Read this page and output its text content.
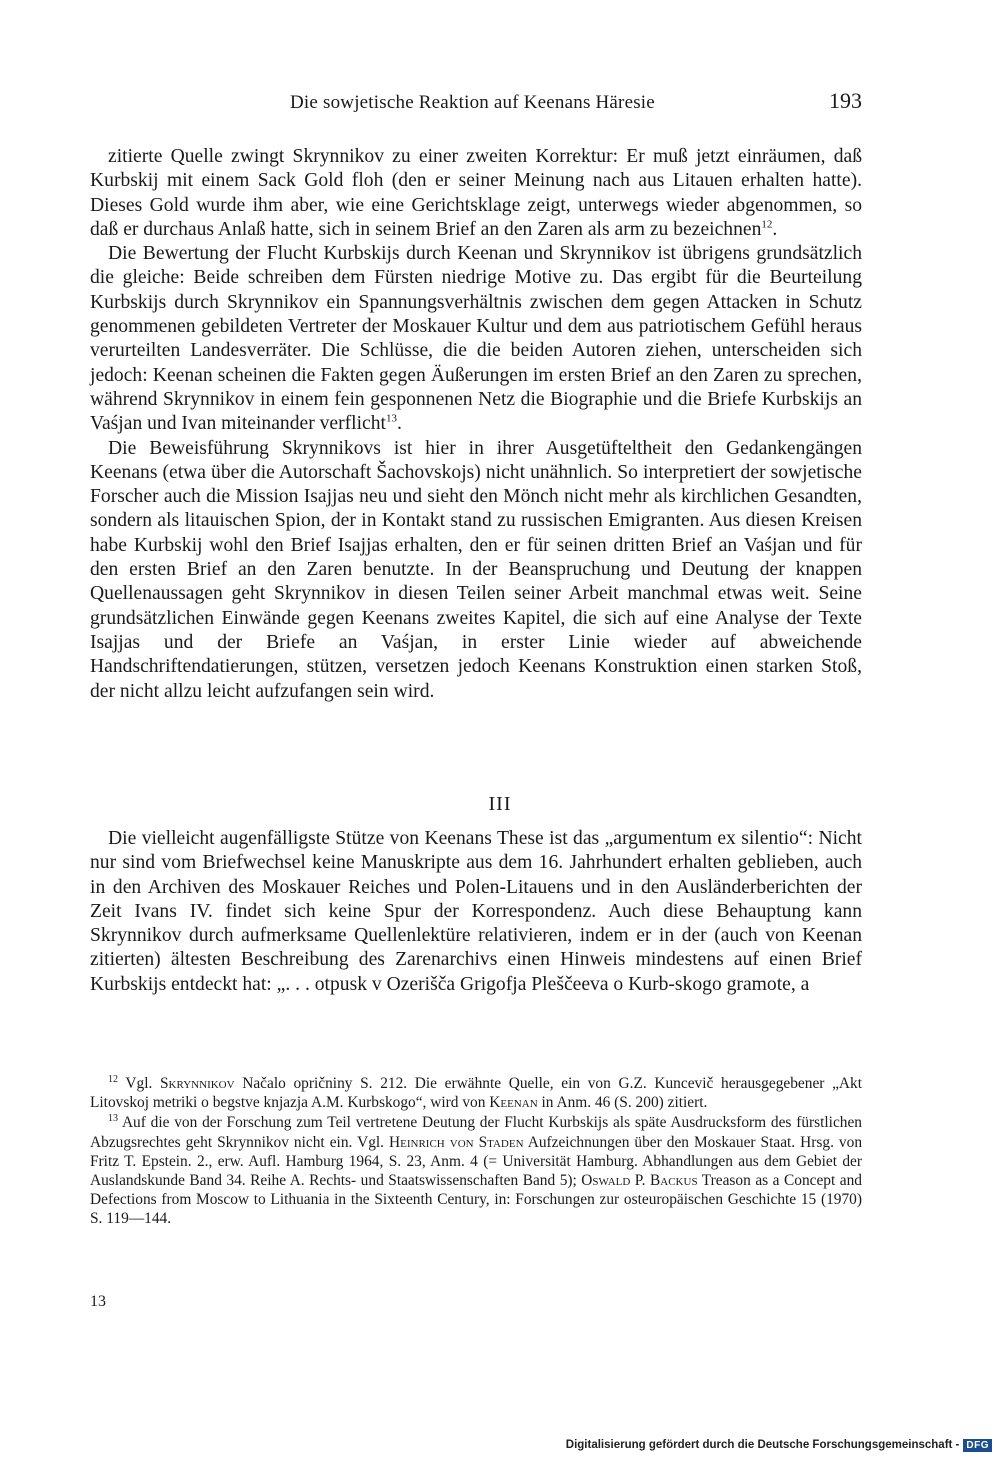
Die sowjetische Reaktion auf Keenans Häresie	193

zitierte Quelle zwingt Skrynnikov zu einer zweiten Korrektur: Er muß jetzt einräumen, daß Kurbskij mit einem Sack Gold floh (den er seiner Meinung nach aus Litauen erhalten hatte). Dieses Gold wurde ihm aber, wie eine Gerichtsklage zeigt, unterwegs wieder abgenommen, so daß er durchaus Anlaß hatte, sich in seinem Brief an den Zaren als arm zu bezeichnen$^{12}$.

Die Bewertung der Flucht Kurbskijs durch Keenan und Skrynnikov ist übrigens grundsätzlich die gleiche: Beide schreiben dem Fürsten niedrige Motive zu. Das ergibt für die Beurteilung Kurbskijs durch Skrynnikov ein Spannungsverhältnis zwischen dem gegen Attacken in Schutz genommenen gebildeten Vertreter der Moskauer Kultur und dem aus patriotischem Gefühl heraus verurteilten Landesverräter. Die Schlüsse, die die beiden Autoren ziehen, unterscheiden sich jedoch: Keenan scheinen die Fakten gegen Äußerungen im ersten Brief an den Zaren zu sprechen, während Skrynnikov in einem fein gesponnenen Netz die Biographie und die Briefe Kurbskijs an Vaśjan und Ivan miteinander verflicht$^{13}$.

Die Beweisführung Skrynnikovs ist hier in ihrer Ausgetüfteltheit den Gedankengängen Keenans (etwa über die Autorschaft Šachovskojs) nicht unähnlich. So interpretiert der sowjetische Forscher auch die Mission Isajjas neu und sieht den Mönch nicht mehr als kirchlichen Gesandten, sondern als litauischen Spion, der in Kontakt stand zu russischen Emigranten. Aus diesen Kreisen habe Kurbskij wohl den Brief Isajjas erhalten, den er für seinen dritten Brief an Vaśjan und für den ersten Brief an den Zaren benutzte. In der Beanspruchung und Deutung der knappen Quellenaussagen geht Skrynnikov in diesen Teilen seiner Arbeit manchmal etwas weit. Seine grundsätzlichen Einwände gegen Keenans zweites Kapitel, die sich auf eine Analyse der Texte Isajjas und der Briefe an Vaśjan, in erster Linie wieder auf abweichende Handschriftendatierungen, stützen, versetzen jedoch Keenans Konstruktion einen starken Stoß, der nicht allzu leicht aufzufangen sein wird.

III

Die vielleicht augenfälligste Stütze von Keenans These ist das „argumentum ex silentio“: Nicht nur sind vom Briefwechsel keine Manuskripte aus dem 16. Jahrhundert erhalten geblieben, auch in den Archiven des Moskauer Reiches und Polen-Litauens und in den Ausländerberichten der Zeit Ivans IV. findet sich keine Spur der Korrespondenz. Auch diese Behauptung kann Skrynnikov durch aufmerksame Quellenlektüre relativieren, indem er in der (auch von Keenan zitierten) ältesten Beschreibung des Zarenarchivs einen Hinweis mindestens auf einen Brief Kurbskijs entdeckt hat: „. . . otpusk v Ozerišča Grigofja Pleščeeva o Kurb-skogo gramote, a

$^{12}$ Vgl. Skrynnikov Načalo opričniny S. 212. Die erwähnte Quelle, ein von G.Z. Kuncevič herausgegebener „Akt Litovskoj metriki o begstve knjazja A.M. Kurbskogo“, wird von Keenan in Anm. 46 (S. 200) zitiert.

$^{13}$ Auf die von der Forschung zum Teil vertretene Deutung der Flucht Kurbskijs als späte Ausdrucksform des fürstlichen Abzugsrechtes geht Skrynnikov nicht ein. Vgl. Heinrich von Staden Aufzeichnungen über den Moskauer Staat. Hrsg. von Fritz T. Epstein. 2., erw. Aufl. Hamburg 1964, S. 23, Anm. 4 (= Universität Hamburg. Abhandlungen aus dem Gebiet der Auslandskunde Band 34. Reihe A. Rechts- und Staatswissenschaften Band 5); Oswald P. Backus Treason as a Concept and Defections from Moscow to Lithuania in the Sixteenth Century, in: Forschungen zur osteuropäischen Geschichte 15 (1970) S. 119—144.

13
Digitalisierung gefördert durch die Deutsche Forschungsgemeinschaft - DFG
